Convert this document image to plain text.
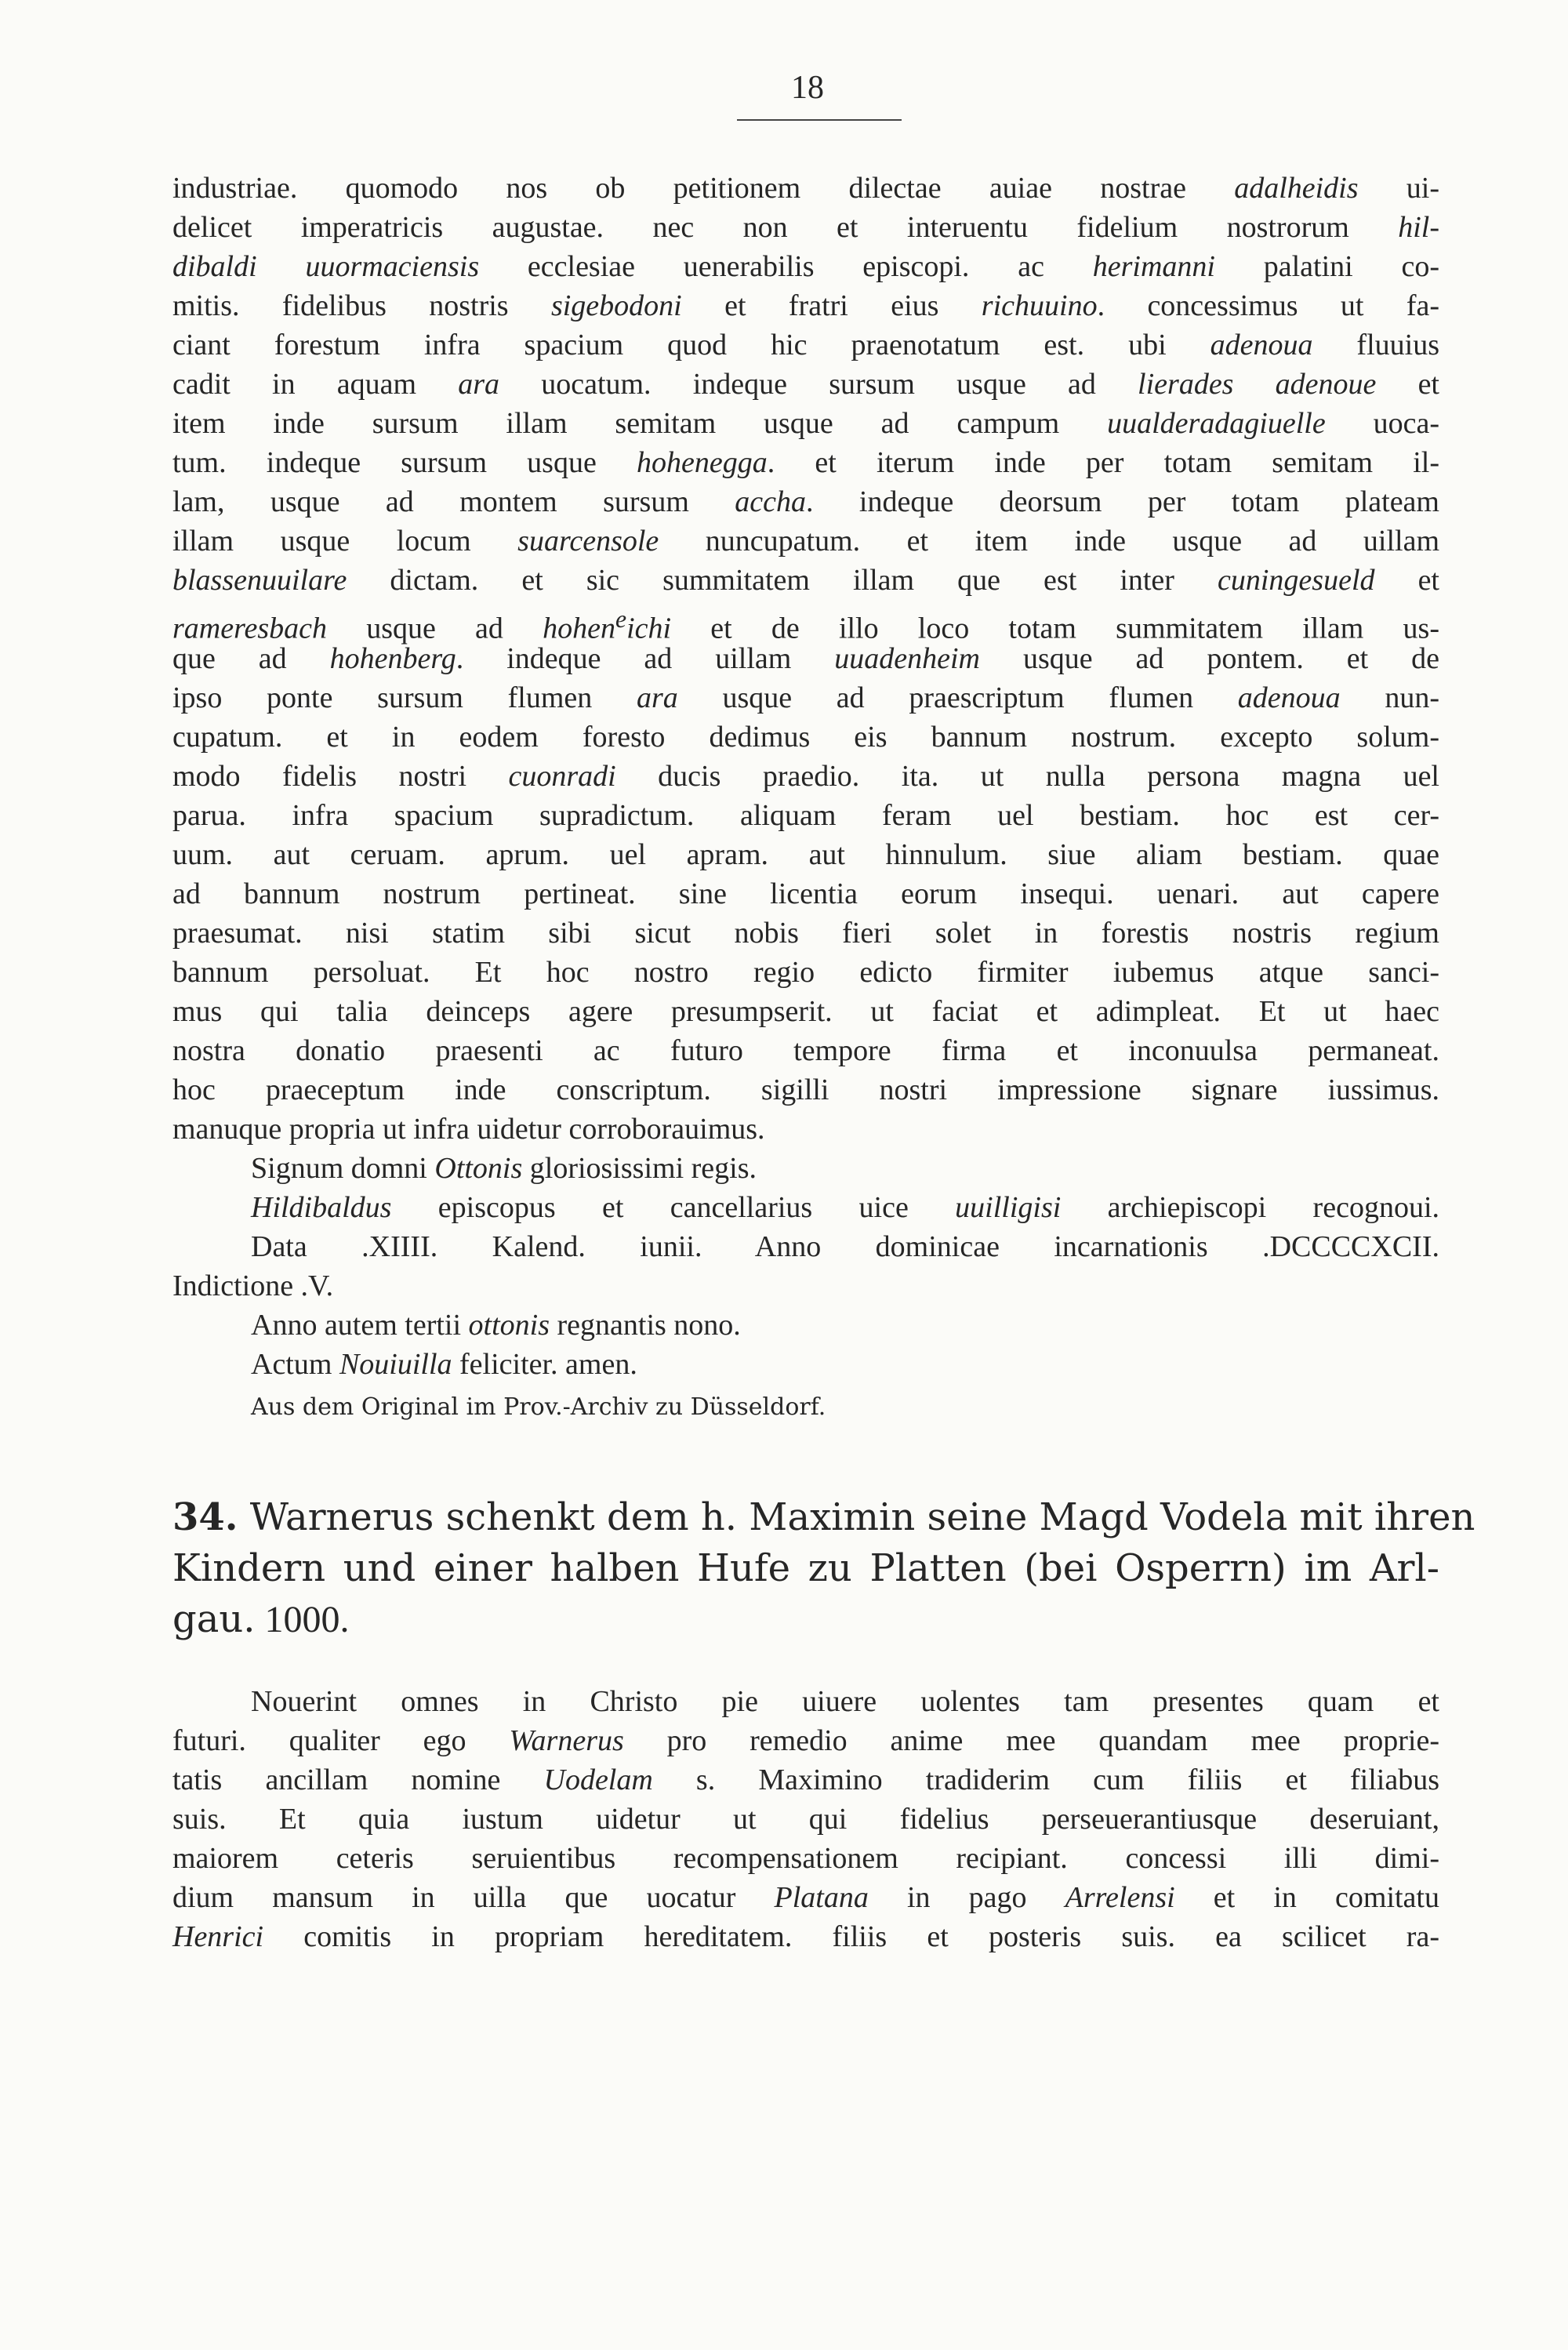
18
industriae. quomodo nos ob petitionem dilectae auiae nostrae adalheidis ui-
delicet imperatricis augustae. nec non et interuentu fidelium nostrorum hil-
dibaldi uuormaciensis ecclesiae uenerabilis episcopi. ac herimanni palatini co-
mitis. fidelibus nostris sigebodoni et fratri eius richuuino. concessimus ut fa-
ciant forestum infra spacium quod hic praenotatum est. ubi adenoua fluuius
cadit in aquam ara uocatum. indeque sursum usque ad lierades adenoue et
item inde sursum illam semitam usque ad campum uualderadagiuelle uoca-
tum. indeque sursum usque hohenegga. et iterum inde per totam semitam il-
lam, usque ad montem sursum accha. indeque deorsum per totam plateam
illam usque locum suarcensole nuncupatum. et item inde usque ad uillam
blassenuuilare dictam. et sic summitatem illam que est inter cuningesueld et
rameresbach usque ad hohen$^e$ichi et de illo loco totam summitatem illam us-
que ad hohenberg. indeque ad uillam uuadenheim usque ad pontem. et de
ipso ponte sursum flumen ara usque ad praescriptum flumen adenoua nun-
cupatum. et in eodem foresto dedimus eis bannum nostrum. excepto solum-
modo fidelis nostri cuonradi ducis praedio. ita. ut nulla persona magna uel
parua. infra spacium supradictum. aliquam feram uel bestiam. hoc est cer-
uum. aut ceruam. aprum. uel apram. aut hinnulum. siue aliam bestiam. quae
ad bannum nostrum pertineat. sine licentia eorum insequi. uenari. aut capere
praesumat. nisi statim sibi sicut nobis fieri solet in forestis nostris regium
bannum persoluat. Et hoc nostro regio edicto firmiter iubemus atque sanci-
mus qui talia deinceps agere presumpserit. ut faciat et adimpleat. Et ut haec
nostra donatio praesenti ac futuro tempore firma et inconuulsa permaneat.
hoc praeceptum inde conscriptum. sigilli nostri impressione signare iussimus.
manuque propria ut infra uidetur corroborauimus.
Signum domni Ottonis gloriosissimi regis.
Hildibaldus episcopus et cancellarius uice uuilligisi archiepiscopi recognoui.
Data .XIIII. Kalend. iunii. Anno dominicae incarnationis .DCCCCXCII.
Indictione .V.
Anno autem tertii ottonis regnantis nono.
Actum Nouiuilla feliciter. amen.
Aus dem Original im Prov.-Archiv zu Düsseldorf.
34. Warnerus schenkt dem h. Maximin seine Magd Vodela mit ihren
Kindern und einer halben Hufe zu Platten (bei Osperrn) im Arl-
gau. 1000.
Nouerint omnes in Christo pie uiuere uolentes tam presentes quam et
futuri. qualiter ego Warnerus pro remedio anime mee quandam mee proprie-
tatis ancillam nomine Uodelam s. Maximino tradiderim cum filiis et filiabus
suis. Et quia iustum uidetur ut qui fidelius perseuerantiusque deseruiant,
maiorem ceteris seruientibus recompensationem recipiant. concessi illi dimi-
dium mansum in uilla que uocatur Platana in pago Arrelensi et in comitatu
Henrici comitis in propriam hereditatem. filiis et posteris suis. ea scilicet ra-
